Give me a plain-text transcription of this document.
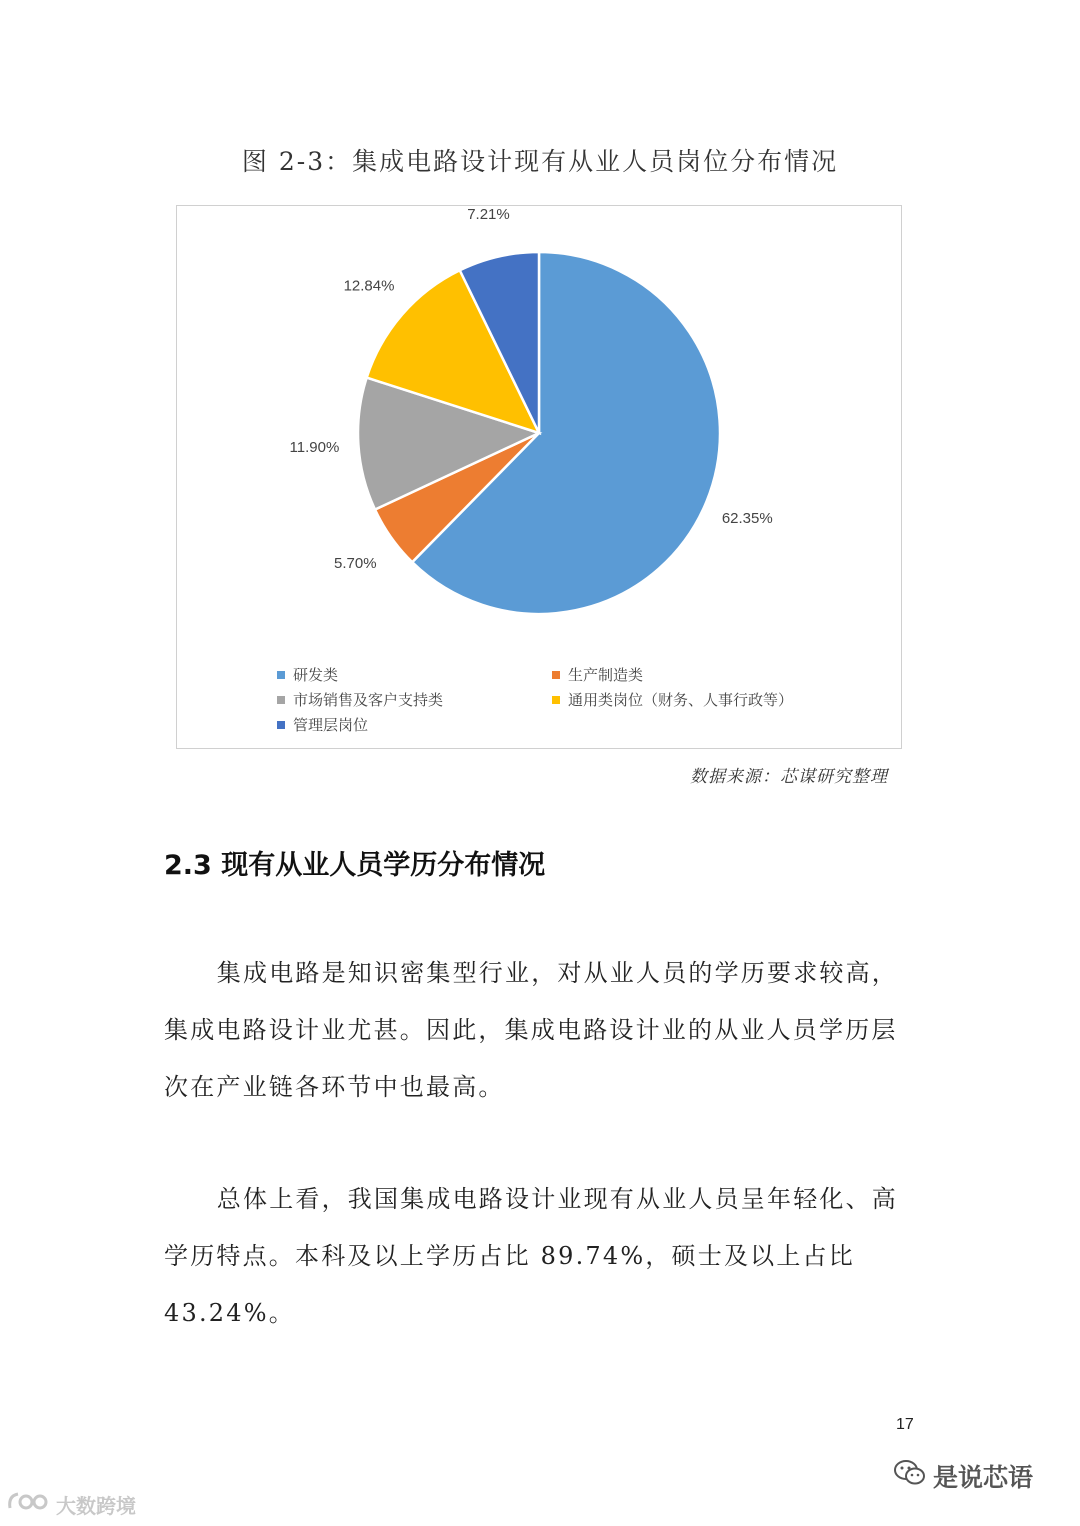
图 2-3：集成电路设计现有从业人员岗位分布情况
62.35%
5.70%
11.90%
12.84%
7.21%
研发类	生产制造类
市场销售及客户支持类	通用类岗位（财务、人事行政等）
管理层岗位
数据来源：芯谋研究整理
2.3 现有从业人员学历分布情况

集成电路是知识密集型行业，对从业人员的学历要求较高，集成电路设计业尤甚。因此，集成电路设计业的从业人员学历层次在产业链各环节中也最高。

总体上看，我国集成电路设计业现有从业人员呈年轻化、高学历特点。本科及以上学历占比 89.74%，硕士及以上占比 43.24%。

17
是说芯语
大数跨境
